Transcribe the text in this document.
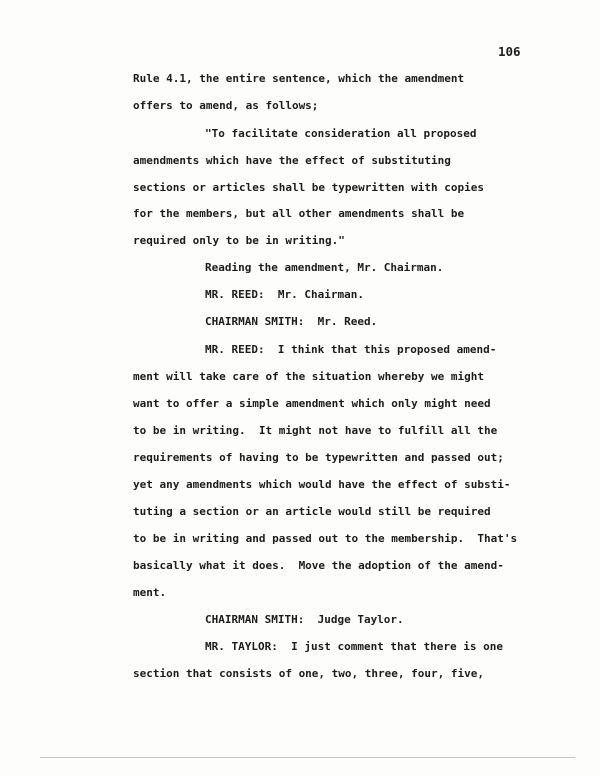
106
Rule 4.1, the entire sentence, which the amendment
offers to amend, as follows;
"To facilitate consideration all proposed
amendments which have the effect of substituting
sections or articles shall be typewritten with copies
for the members, but all other amendments shall be
required only to be in writing."
Reading the amendment, Mr. Chairman.
MR. REED:  Mr. Chairman.
CHAIRMAN SMITH:  Mr. Reed.
MR. REED:  I think that this proposed amend-
ment will take care of the situation whereby we might
want to offer a simple amendment which only might need
to be in writing.  It might not have to fulfill all the
requirements of having to be typewritten and passed out;
yet any amendments which would have the effect of substi-
tuting a section or an article would still be required
to be in writing and passed out to the membership.  That's
basically what it does.  Move the adoption of the amend-
ment.
CHAIRMAN SMITH:  Judge Taylor.
MR. TAYLOR:  I just comment that there is one
section that consists of one, two, three, four, five,
